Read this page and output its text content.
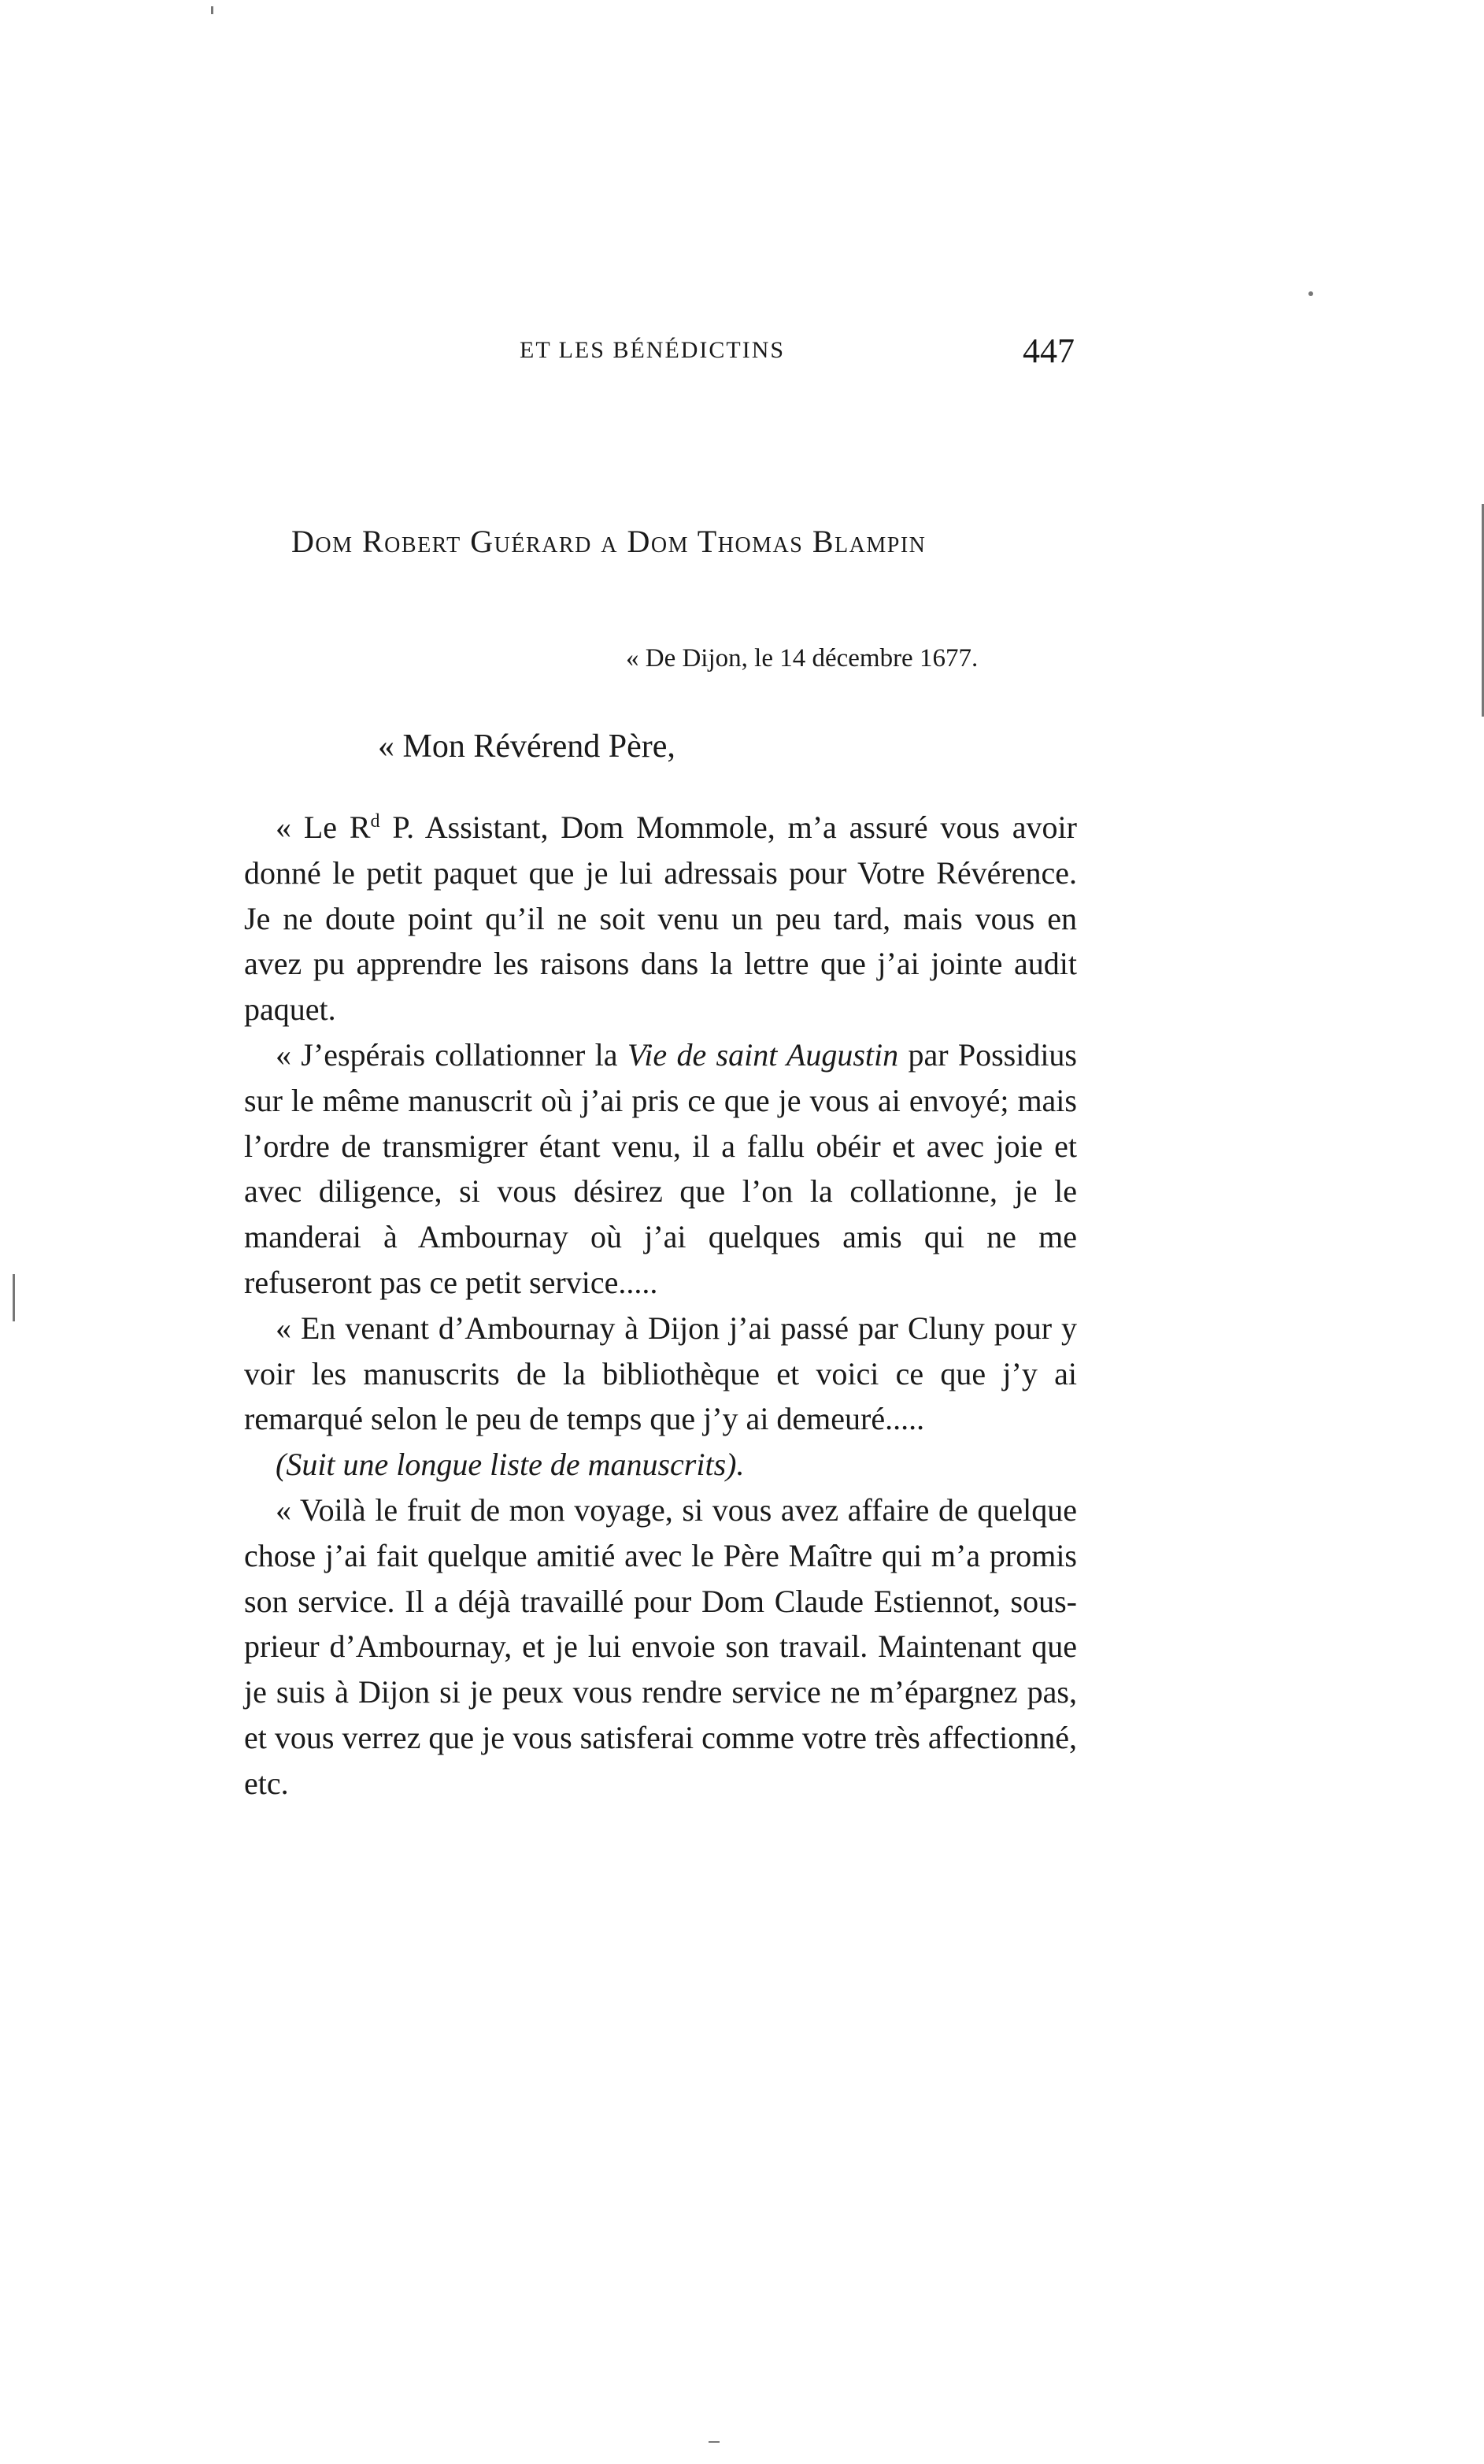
ET LES BÉNÉDICTINS	447
Dom Robert Guérard a Dom Thomas Blampin
« De Dijon, le 14 décembre 1677.
« Mon Révérend Père,

« Le $R^d$ P. Assistant, Dom Mommole, m’a assuré vous avoir donné le petit paquet que je lui adressais pour Votre Révérence. Je ne doute point qu’il ne soit venu un peu tard, mais vous en avez pu apprendre les raisons dans la lettre que j’ai jointe audit paquet.

« J’espérais collationner la Vie de saint Augustin par Possidius sur le même manuscrit où j’ai pris ce que je vous ai envoyé; mais l’ordre de transmigrer étant venu, il a fallu obéir et avec joie et avec diligence, si vous désirez que l’on la collationne, je le manderai à Ambournay où j’ai quelques amis qui ne me refuseront pas ce petit service.....

« En venant d’Ambournay à Dijon j’ai passé par Cluny pour y voir les manuscrits de la bibliothèque et voici ce que j’y ai remarqué selon le peu de temps que j’y ai demeuré.....

(Suit une longue liste de manuscrits).

« Voilà le fruit de mon voyage, si vous avez affaire de quelque chose j’ai fait quelque amitié avec le Père Maître qui m’a promis son service. Il a déjà travaillé pour Dom Claude Estiennot, sous-prieur d’Ambournay, et je lui envoie son travail. Maintenant que je suis à Dijon si je peux vous rendre service ne m’épargnez pas, et vous verrez que je vous satisferai comme votre très affectionné, etc.
